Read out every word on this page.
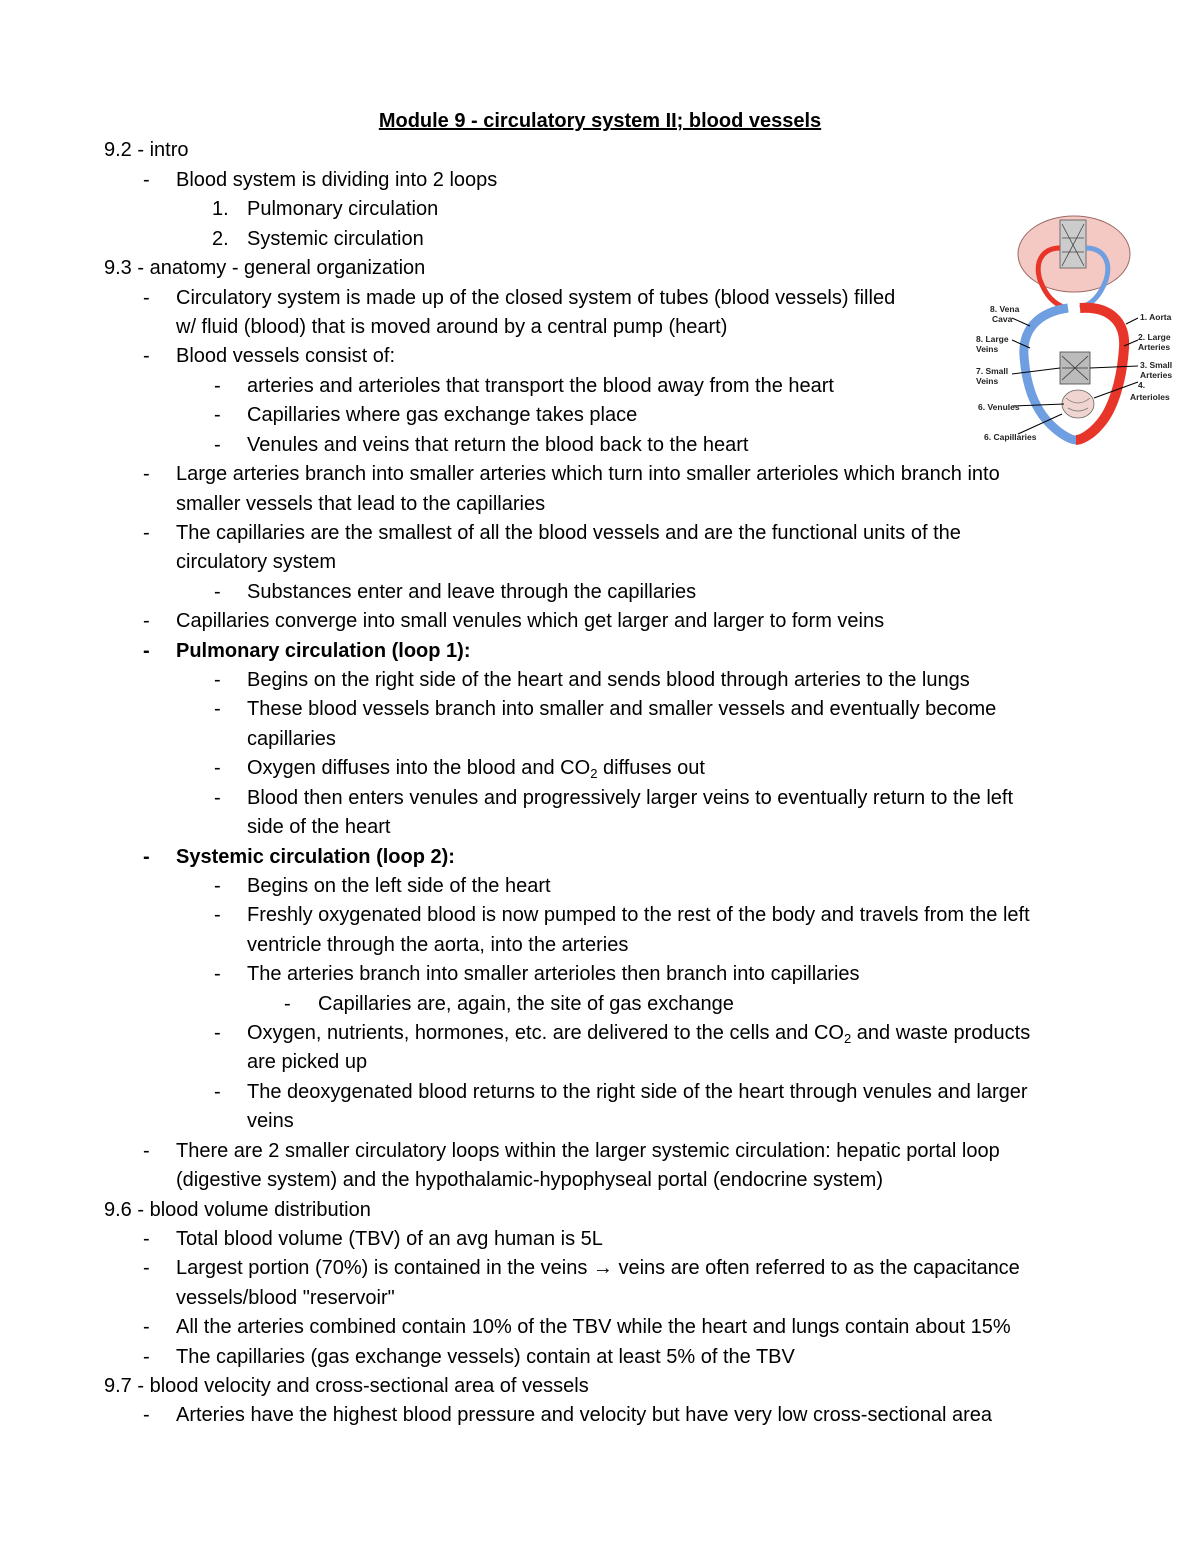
Module 9 - circulatory system II; blood vessels
9.2 - intro
- Blood system is dividing into 2 loops
1. Pulmonary circulation
2. Systemic circulation
9.3 - anatomy - general organization
- Circulatory system is made up of the closed system of tubes (blood vessels) filled
w/ fluid (blood) that is moved around by a central pump (heart)
- Blood vessels consist of:
- arteries and arterioles that transport the blood away from the heart
- Capillaries where gas exchange takes place
- Venules and veins that return the blood back to the heart
- Large arteries branch into smaller arteries which turn into smaller arterioles which branch into
smaller vessels that lead to the capillaries
- The capillaries are the smallest of all the blood vessels and are the functional units of the
circulatory system
- Substances enter and leave through the capillaries
- Capillaries converge into small venules which get larger and larger to form veins
- Pulmonary circulation (loop 1):
- Begins on the right side of the heart and sends blood through arteries to the lungs
- These blood vessels branch into smaller and smaller vessels and eventually become
capillaries
- Oxygen diffuses into the blood and $CO_2$ diffuses out
- Blood then enters venules and progressively larger veins to eventually return to the left
side of the heart
- Systemic circulation (loop 2):
- Begins on the left side of the heart
- Freshly oxygenated blood is now pumped to the rest of the body and travels from the left
ventricle through the aorta, into the arteries
- The arteries branch into smaller arterioles then branch into capillaries
- Capillaries are, again, the site of gas exchange
- Oxygen, nutrients, hormones, etc. are delivered to the cells and $CO_2$ and waste products
are picked up
- The deoxygenated blood returns to the right side of the heart through venules and larger
veins
- There are 2 smaller circulatory loops within the larger systemic circulation: hepatic portal loop
(digestive system) and the hypothalamic-hypophyseal portal (endocrine system)
9.6 - blood volume distribution
- Total blood volume (TBV) of an avg human is 5L
- Largest portion (70%) is contained in the veins → veins are often referred to as the capacitance
vessels/blood "reservoir"
- All the arteries combined contain 10% of the TBV while the heart and lungs contain about 15%
- The capillaries (gas exchange vessels) contain at least 5% of the TBV
9.7 - blood velocity and cross-sectional area of vessels
- Arteries have the highest blood pressure and velocity but have very low cross-sectional area
8. Vena
Cava
8. Large
Veins
7. Small
Veins
6. Venules
6. Capillaries
1. Aorta
2. Large
Arteries
3. Small
Arteries
4.
Arterioles
